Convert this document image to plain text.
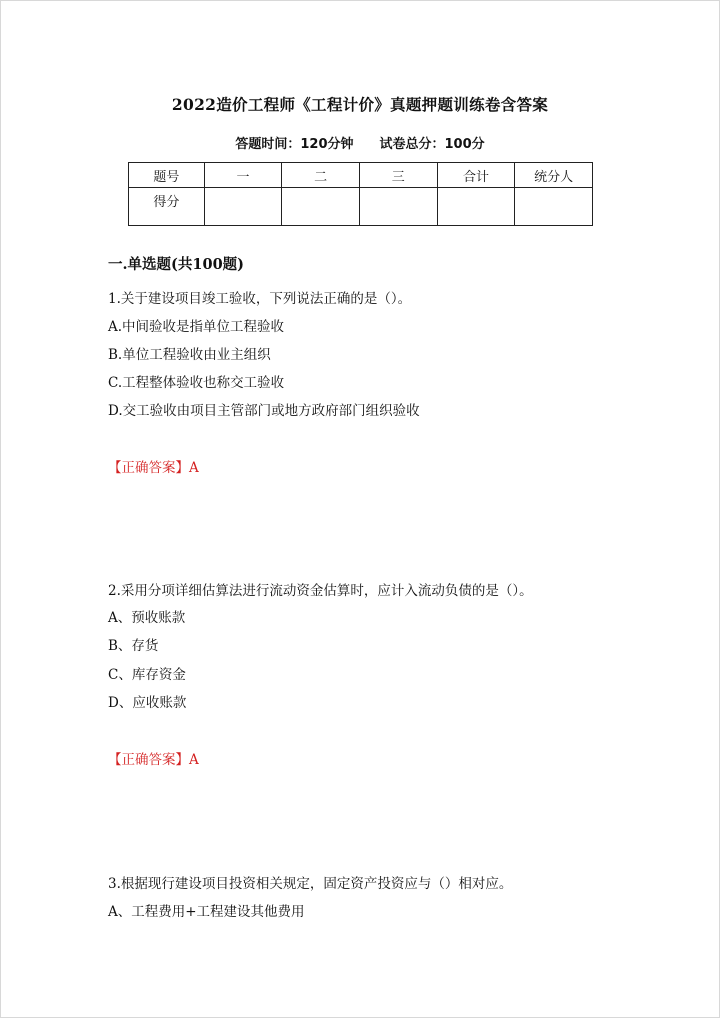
2022造价工程师《工程计价》真题押题训练卷含答案
答题时间：120分钟 试卷总分：100分
题号	一	二	三	合计	统分人
得分					
一.单选题(共100题)
1.关于建设项目竣工验收，下列说法正确的是（）。
A.中间验收是指单位工程验收
B.单位工程验收由业主组织
C.工程整体验收也称交工验收
D.交工验收由项目主管部门或地方政府部门组织验收
【正确答案】A
2.采用分项详细估算法进行流动资金估算时，应计入流动负债的是（）。
A、预收账款
B、存货
C、库存资金
D、应收账款
【正确答案】A
3.根据现行建设项目投资相关规定，固定资产投资应与（）相对应。
A、工程费用+工程建设其他费用
